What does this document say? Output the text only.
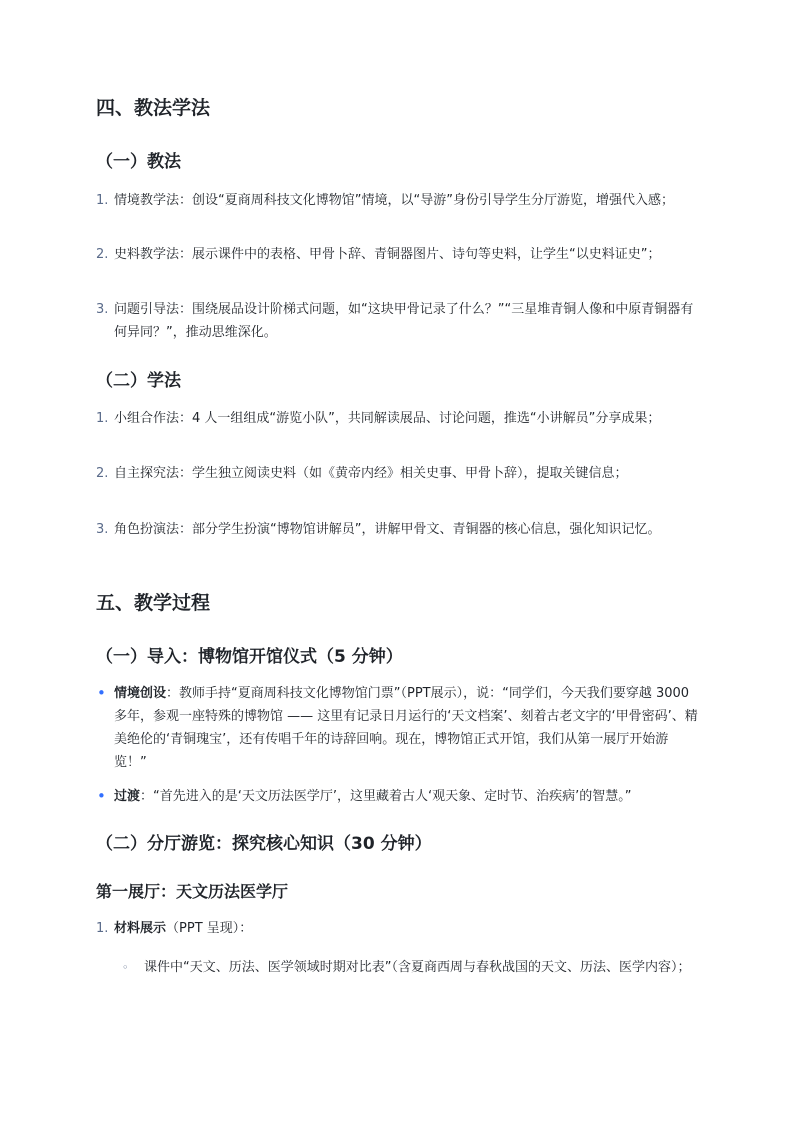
四、教法学法
（一）教法
1. 情境教学法：创设“夏商周科技文化博物馆”情境，以“导游”身份引导学生分厅游览，增强代入感；
2. 史料教学法：展示课件中的表格、甲骨卜辞、青铜器图片、诗句等史料，让学生“以史料证史”；
3. 问题引导法：围绕展品设计阶梯式问题，如“这块甲骨记录了什么？”“三星堆青铜人像和中原青铜器有何异同？”，推动思维深化。
（二）学法
1. 小组合作法：4 人一组组成“游览小队”，共同解读展品、讨论问题，推选“小讲解员”分享成果；
2. 自主探究法：学生独立阅读史料（如《黄帝内经》相关史事、甲骨卜辞），提取关键信息；
3. 角色扮演法：部分学生扮演“博物馆讲解员”，讲解甲骨文、青铜器的核心信息，强化知识记忆。
五、教学过程
（一）导入：博物馆开馆仪式（5 分钟）
• 情境创设：教师手持“夏商周科技文化博物馆门票”（PPT展示），说：“同学们，今天我们要穿越 3000 多年，参观一座特殊的博物馆 —— 这里有记录日月运行的‘天文档案’、刻着古老文字的‘甲骨密码’、精美绝伦的‘青铜瑰宝’，还有传唱千年的诗辞回响。现在，博物馆正式开馆，我们从第一展厅开始游览！”
• 过渡：“首先进入的是‘天文历法医学厅’，这里藏着古人‘观天象、定时节、治疾病’的智慧。”
（二）分厅游览：探究核心知识（30 分钟）
第一展厅：天文历法医学厅
1. 材料展示（PPT 呈现）：
◦	课件中“天文、历法、医学领域时期对比表”（含夏商西周与春秋战国的天文、历法、医学内容）；
